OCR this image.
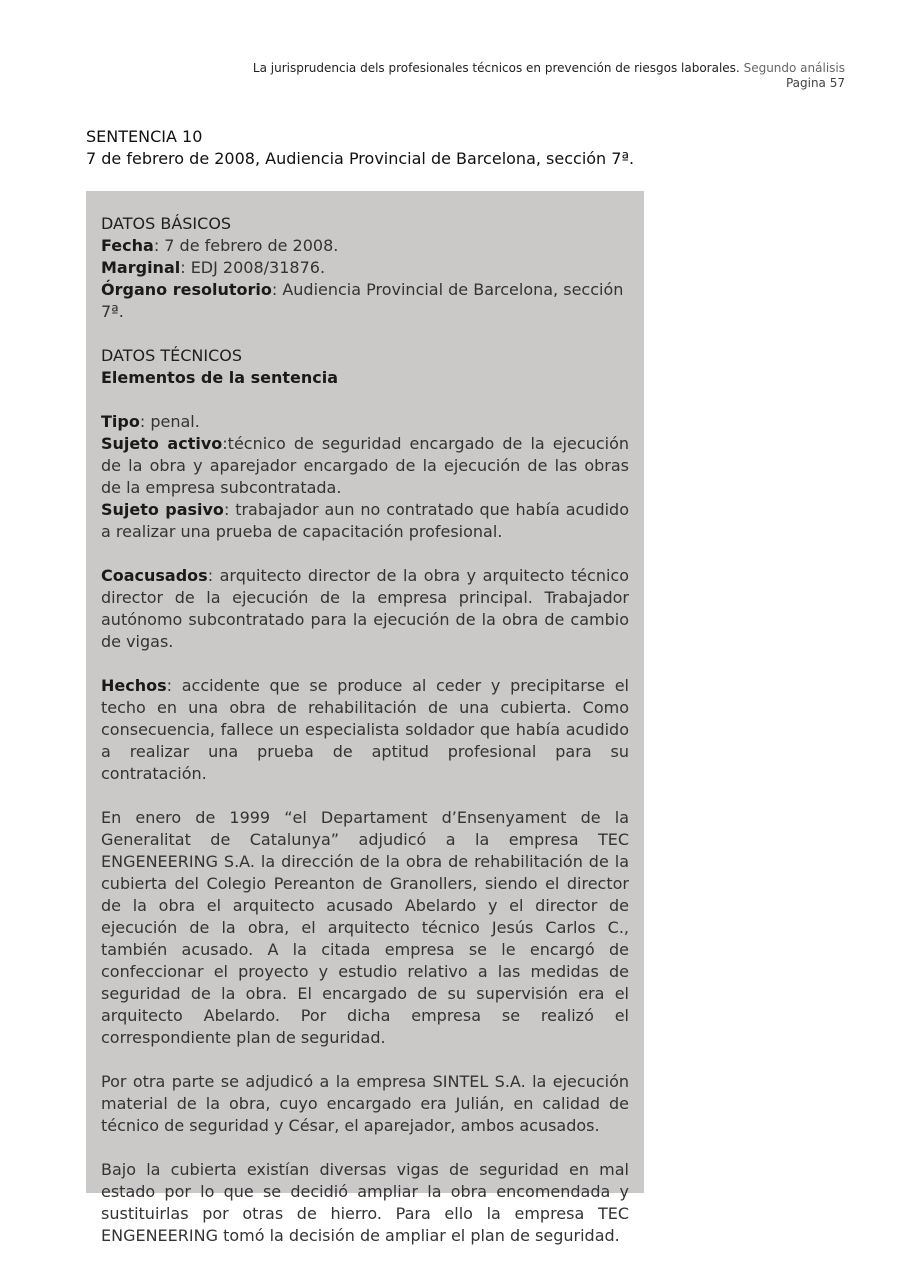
La jurisprudencia dels profesionales técnicos en prevención de riesgos laborales. Segundo análisis
Pagina 57
SENTENCIA 10
7 de febrero de 2008, Audiencia Provincial de Barcelona, sección 7ª.

DATOS BÁSICOS

Fecha: 7 de febrero de 2008.

Marginal: EDJ 2008/31876.

Órgano resolutorio: Audiencia Provincial de Barcelona, sección 7ª.

DATOS TÉCNICOS

Elementos de la sentencia

Tipo: penal.

Sujeto activo:técnico de seguridad encargado de la ejecución de la obra y aparejador encargado de la ejecución de las obras de la empresa subcontratada.

Sujeto pasivo: trabajador aun no contratado que había acudido a realizar una prueba de capacitación profesional.

Coacusados: arquitecto director de la obra y arquitecto técnico director de la ejecución de la empresa principal. Trabajador autónomo subcontratado para la ejecución de la obra de cambio de vigas.

Hechos: accidente que se produce al ceder y precipitarse el techo en una obra de rehabilitación de una cubierta. Como consecuencia, fallece un especialista soldador que había acudido a realizar una prueba de aptitud profesional para su contratación.

En enero de 1999 “el Departament d’Ensenyament de la Generalitat de Catalunya” adjudicó a la empresa TEC ENGENEERING S.A. la dirección de la obra de rehabilitación de la cubierta del Colegio Pereanton de Granollers, siendo el director de la obra el arquitecto acusado Abelardo y el director de ejecución de la obra, el arquitecto técnico Jesús Carlos C., también acusado. A la citada empresa se le encargó de confeccionar el proyecto y estudio relativo a las medidas de seguridad de la obra. El encargado de su supervisión era el arquitecto Abelardo. Por dicha empresa se realizó el correspondiente plan de seguridad.

Por otra parte se adjudicó a la empresa SINTEL S.A. la ejecución material de la obra, cuyo encargado era Julián, en calidad de técnico de seguridad y César, el aparejador, ambos acusados.

Bajo la cubierta existían diversas vigas de seguridad en mal estado por lo que se decidió ampliar la obra encomendada y sustituirlas por otras de hierro. Para ello la empresa TEC ENGENEERING tomó la decisión de ampliar el plan de seguridad.
